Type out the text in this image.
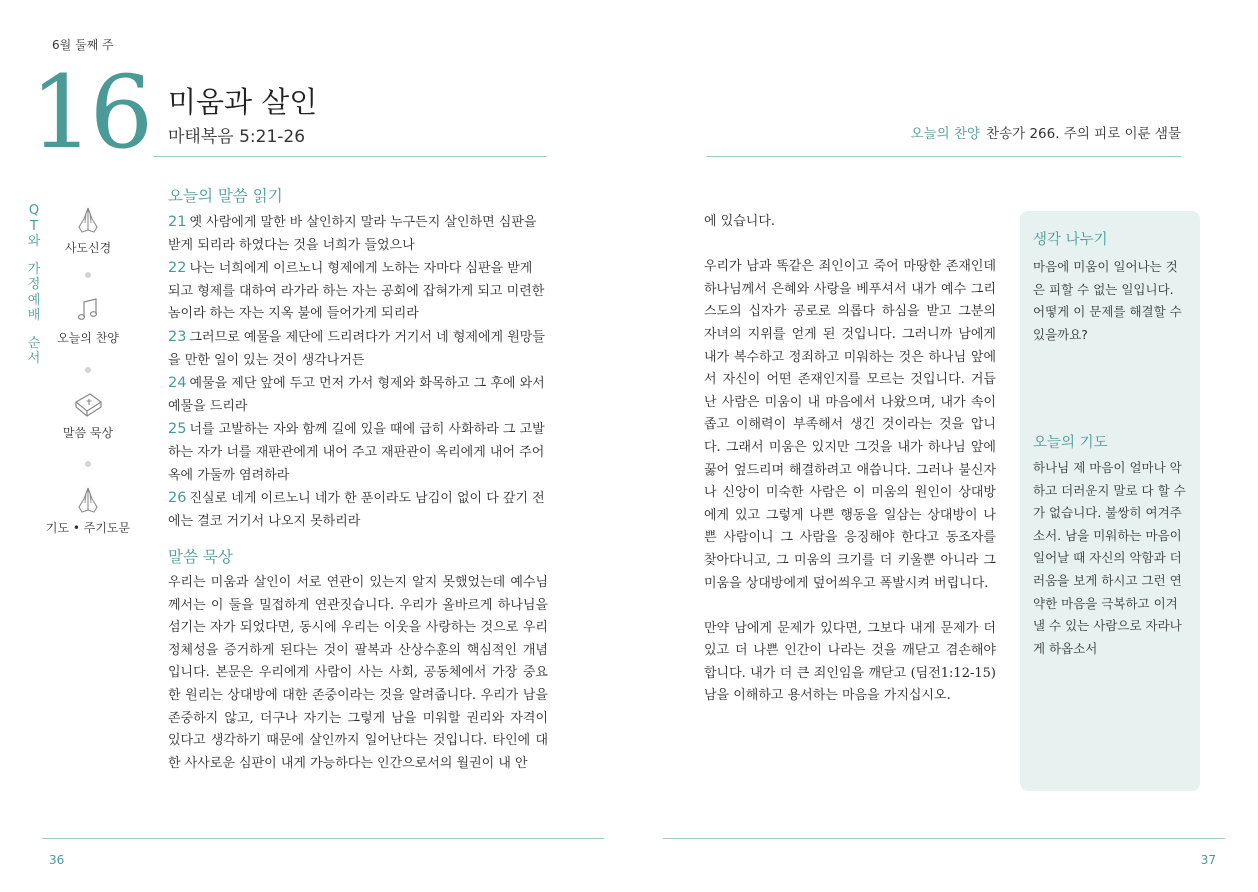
6월 둘째 주
16 미움과 살인
마태복음 5:21-26	오늘의 찬양 찬송가 266. 주의 피로 이룬 샘물
Q
T
와
가
정
예
배
순
서
사도신경
오늘의 찬양
말씀 묵상
기도 • 주기도문
오늘의 말씀 읽기
21 옛 사람에게 말한 바 살인하지 말라 누구든지 살인하면 심판을 받게 되리라 하였다는 것을 너희가 들었으나
22 나는 너희에게 이르노니 형제에게 노하는 자마다 심판을 받게 되고 형제를 대하여 라가라 하는 자는 공회에 잡혀가게 되고 미련한 놈이라 하는 자는 지옥 불에 들어가게 되리라
23 그러므로 예물을 제단에 드리려다가 거기서 네 형제에게 원망들을 만한 일이 있는 것이 생각나거든
24 예물을 제단 앞에 두고 먼저 가서 형제와 화목하고 그 후에 와서 예물을 드리라
25 너를 고발하는 자와 함께 길에 있을 때에 급히 사화하라 그 고발하는 자가 너를 재판관에게 내어 주고 재판관이 옥리에게 내어 주어 옥에 가둘까 염려하라
26 진실로 네게 이르노니 네가 한 푼이라도 남김이 없이 다 갚기 전에는 결코 거기서 나오지 못하리라
말씀 묵상
우리는 미움과 살인이 서로 연관이 있는지 알지 못했었는데 예수님께서는 이 둘을 밀접하게 연관짓습니다. 우리가 올바르게 하나님을 섬기는 자가 되었다면, 동시에 우리는 이웃을 사랑하는 것으로 우리 정체성을 증거하게 된다는 것이 팔복과 산상수훈의 핵심적인 개념입니다. 본문은 우리에게 사람이 사는 사회, 공동체에서 가장 중요한 원리는 상대방에 대한 존중이라는 것을 알려줍니다. 우리가 남을 존중하지 않고, 더구나 자기는 그렇게 남을 미워할 권리와 자격이 있다고 생각하기 때문에 살인까지 일어난다는 것입니다. 타인에 대한 사사로운 심판이 내게 가능하다는 인간으로서의 월권이 내 안

에 있습니다.

우리가 남과 똑같은 죄인이고 죽어 마땅한 존재인데 하나님께서 은혜와 사랑을 베푸셔서 내가 예수 그리스도의 십자가 공로로 의롭다 하심을 받고 그분의 자녀의 지위를 얻게 된 것입니다. 그러니까 남에게 내가 복수하고 정죄하고 미워하는 것은 하나님 앞에서 자신이 어떤 존재인지를 모르는 것입니다. 거듭난 사람은 미움이 내 마음에서 나왔으며, 내가 속이 좁고 이해력이 부족해서 생긴 것이라는 것을 압니다. 그래서 미움은 있지만 그것을 내가 하나님 앞에 꿇어 엎드리며 해결하려고 애씁니다. 그러나 불신자나 신앙이 미숙한 사람은 이 미움의 원인이 상대방에게 있고 그렇게 나쁜 행동을 일삼는 상대방이 나쁜 사람이니 그 사람을 응징해야 한다고 동조자를 찾아다니고, 그 미움의 크기를 더 키울뿐 아니라 그 미움을 상대방에게 덮어씌우고 폭발시켜 버립니다.

만약 남에게 문제가 있다면, 그보다 내게 문제가 더 있고 더 나쁜 인간이 나라는 것을 깨닫고 겸손해야 합니다. 내가 더 큰 죄인임을 깨닫고 (딤전1:12-15) 남을 이해하고 용서하는 마음을 가지십시오.

생각 나누기
마음에 미움이 일어나는 것은 피할 수 없는 일입니다. 어떻게 이 문제를 해결할 수 있을까요?
오늘의 기도
하나님 제 마음이 얼마나 악하고 더러운지 말로 다 할 수가 없습니다. 불쌍히 여겨주소서. 남을 미워하는 마음이 일어날 때 자신의 악함과 더러움을 보게 하시고 그런 연약한 마음을 극복하고 이겨낼 수 있는 사람으로 자라나게 하옵소서
36	37
